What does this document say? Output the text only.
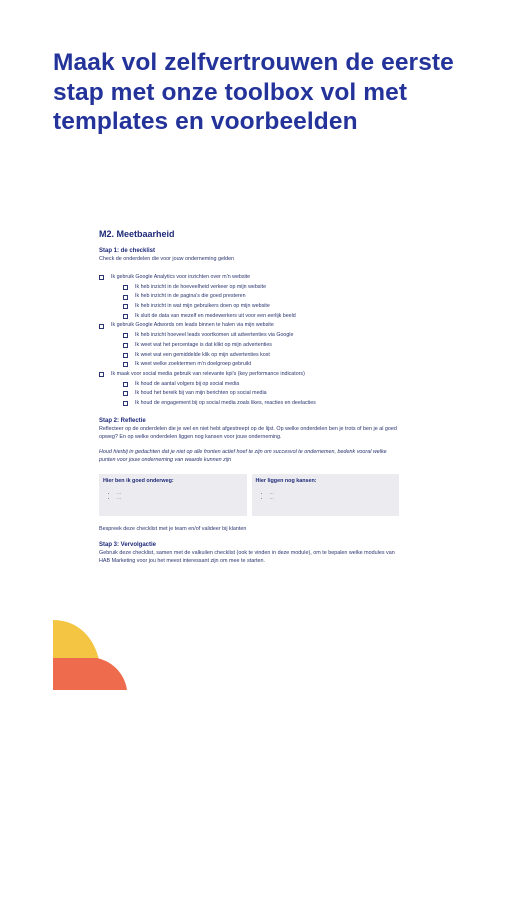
Maak vol zelfvertrouwen de eerste stap met onze toolbox vol met templates en voorbeelden
M2. Meetbaarheid
Stap 1: de checklist

Check de onderdelen die voor jouw onderneming gelden

Ik gebruik Google Analytics voor inzichten over m'n website
Ik heb inzicht in de hoeveelheid verkeer op mijn website
Ik heb inzicht in de pagina's die goed presteren
Ik heb inzicht in wat mijn gebruikers doen op mijn website
Ik sluit de data van mezelf en medewerkers uit voor een eerlijk beeld
Ik gebruik Google Adwords om leads binnen te halen via mijn website
Ik heb inzicht hoeveel leads voortkomen uit advertenties via Google
Ik weet wat het percentage is dat klikt op mijn advertenties
Ik weet wat een gemiddelde klik op mijn advertenties kost
Ik weet welke zoektermen m'n doelgroep gebruikt
Ik maak voor social media gebruik van relevante kpi's (key performance indicators)
Ik houd de aantal volgers bij op social media
Ik houd het bereik bij van mijn berichten op social media
Ik houd de engagement bij op social media zoals likes, reacties en deelacties
Stap 2: Reflectie

Reflecteer op de onderdelen die je wel en niet hebt afgestreept op de lijst. Op welke onderdelen ben je trots of ben je al goed opweg? En op welke onderdelen liggen nog kansen voor jouw onderneming.

Houd hierbij in gedachten dat je niet op alle fronten actief hoef te zijn om succesvol te ondernemen, bedenk vooral welke punten voor jouw onderneming van waarde kunnen zijn

Hier ben ik goed onderweg:

• ...
• ...

Hier liggen nog kansen:

• ...
• ...

Bespreek deze checklist met je team en/of valideer bij klanten

Stap 3: Vervolgactie

Gebruik deze checklist, samen met de valkuilen checklist (ook te vinden in deze module), om te bepalen welke modules van HAB Marketing voor jou het meest interessant zijn om mee te starten.
